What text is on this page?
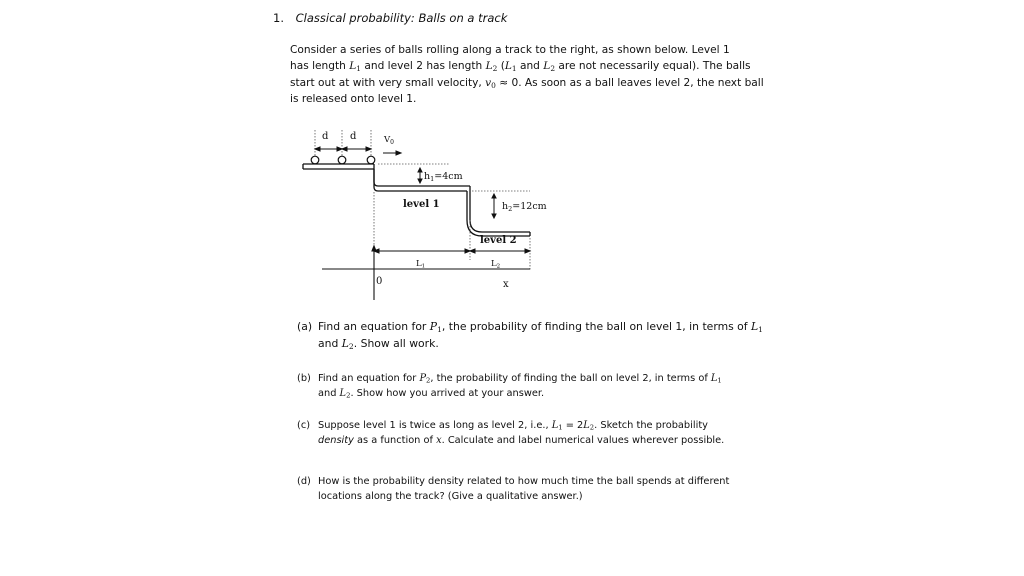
1. Classical probability: Balls on a track
Consider a series of balls rolling along a track to the right, as shown below. Level 1
has length $L_1$ and level 2 has length $L_2$ ($L_1$ and $L_2$ are not necessarily equal). The balls
start out at with very small velocity, $v_0 \approx 0$. As soon as a ball leaves level 2, the next ball
is released onto level 1.
d d	$V_0$
$h_1=4cm$
$h_2=12cm$
level 1
level 2
L1	L2
0	x
(a) Find an equation for $P_1$, the probability of finding the ball on level 1, in terms of $L_1$
and $L_2$. Show all work.
(b) Find an equation for $P_2$, the probability of finding the ball on level 2, in terms of $L_1$
and $L_2$. Show how you arrived at your answer.
(c) Suppose level 1 is twice as long as level 2, i.e., $L_1 = 2L_2$. Sketch the probability
density as a function of x. Calculate and label numerical values wherever possible.
(d) How is the probability density related to how much time the ball spends at different
locations along the track? (Give a qualitative answer.)
